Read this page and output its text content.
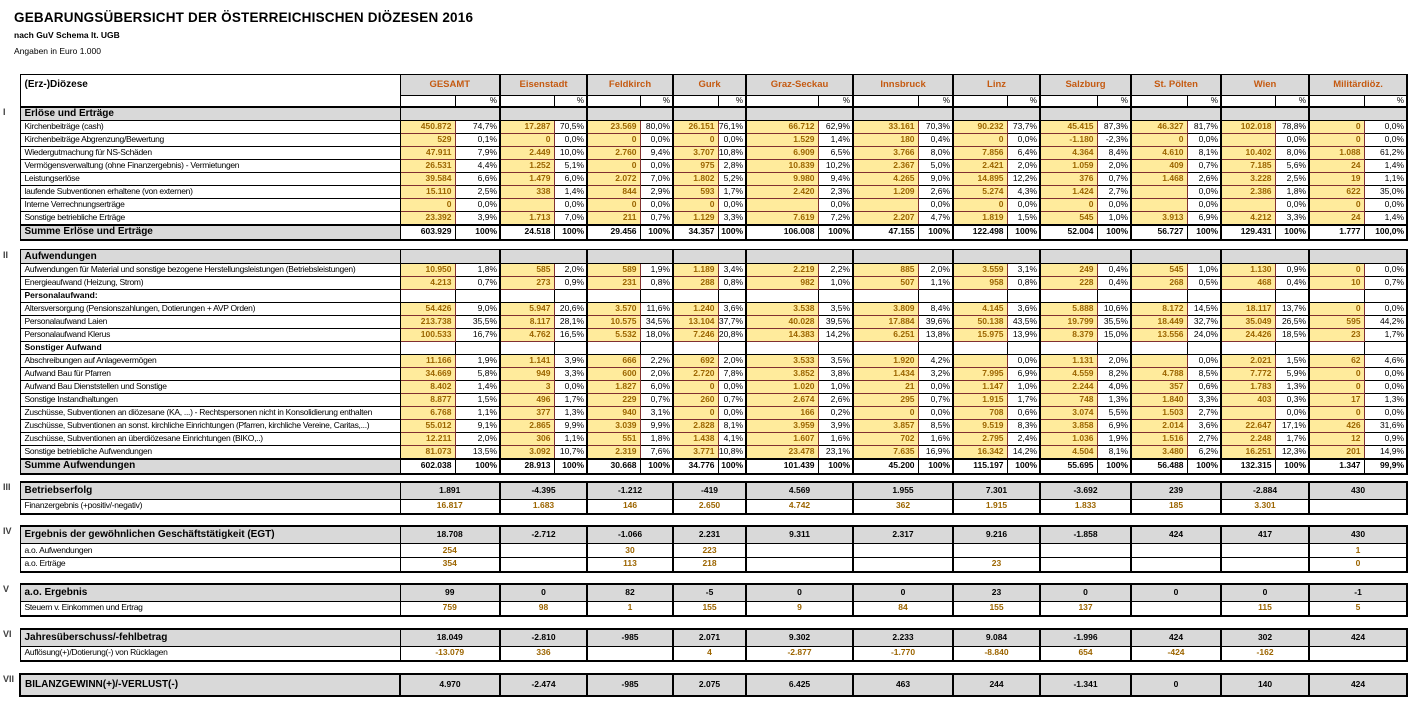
GEBARUNGSÜBERSICHT DER ÖSTERREICHISCHEN DIÖZESEN 2016
nach GuV Schema lt. UGB
Angaben in Euro 1.000
	(Erz-)Diözese	GESAMT		Eisenstadt		Feldkirch		Gurk		Graz-Seckau		Innsbruck		Linz		Salzburg		St. Pölten		Wien		Militärdiöz.	
			%		%		%		%		%		%		%		%		%		%		%
I	Erlöse und Erträge																						
	Kirchenbeiträge (cash)	450.872	74,7%	17.287	70,5%	23.569	80,0%	26.151	76,1%	66.712	62,9%	33.161	70,3%	90.232	73,7%	45.415	87,3%	46.327	81,7%	102.018	78,8%	0	0,0%
	Kirchenbeiträge Abgrenzung/Bewertung	529	0,1%	0	0,0%	0	0,0%	0	0,0%	1.529	1,4%	180	0,4%	0	0,0%	-1.180	-2,3%	0	0,0%		0,0%	0	0,0%
	Wiedergutmachung für NS-Schäden	47.911	7,9%	2.449	10,0%	2.760	9,4%	3.707	10,8%	6.909	6,5%	3.766	8,0%	7.856	6,4%	4.364	8,4%	4.610	8,1%	10.402	8,0%	1.088	61,2%
	Vermögensverwaltung (ohne Finanzergebnis) - Vermietungen	26.531	4,4%	1.252	5,1%	0	0,0%	975	2,8%	10.839	10,2%	2.367	5,0%	2.421	2,0%	1.059	2,0%	409	0,7%	7.185	5,6%	24	1,4%
	Leistungserlöse	39.584	6,6%	1.479	6,0%	2.072	7,0%	1.802	5,2%	9.980	9,4%	4.265	9,0%	14.895	12,2%	376	0,7%	1.468	2,6%	3.228	2,5%	19	1,1%
	laufende Subventionen erhaltene (von externen)	15.110	2,5%	338	1,4%	844	2,9%	593	1,7%	2.420	2,3%	1.209	2,6%	5.274	4,3%	1.424	2,7%		0,0%	2.386	1,8%	622	35,0%
	Interne Verrechnungserträge	0	0,0%		0,0%	0	0,0%	0	0,0%		0,0%		0,0%	0	0,0%	0	0,0%		0,0%		0,0%	0	0,0%
	Sonstige betriebliche Erträge	23.392	3,9%	1.713	7,0%	211	0,7%	1.129	3,3%	7.619	7,2%	2.207	4,7%	1.819	1,5%	545	1,0%	3.913	6,9%	4.212	3,3%	24	1,4%
	Summe Erlöse und Erträge	603.929	100%	24.518	100%	29.456	100%	34.357	100%	106.008	100%	47.155	100%	122.498	100%	52.004	100%	56.727	100%	129.431	100%	1.777	100,0%

II	Aufwendungen																						
	Aufwendungen für Material und sonstige bezogene Herstellungsleistungen (Betriebsleistungen)	10.950	1,8%	585	2,0%	589	1,9%	1.189	3,4%	2.219	2,2%	885	2,0%	3.559	3,1%	249	0,4%	545	1,0%	1.130	0,9%	0	0,0%
	Energieaufwand (Heizung, Strom)	4.213	0,7%	273	0,9%	231	0,8%	288	0,8%	982	1,0%	507	1,1%	958	0,8%	228	0,4%	268	0,5%	468	0,4%	10	0,7%
	Personalaufwand:																						
	Altersversorgung (Pensionszahlungen, Dotierungen + AVP Orden)	54.426	9,0%	5.947	20,6%	3.570	11,6%	1.240	3,6%	3.538	3,5%	3.809	8,4%	4.145	3,6%	5.888	10,6%	8.172	14,5%	18.117	13,7%	0	0,0%
	Personalaufwand Laien	213.738	35,5%	8.117	28,1%	10.575	34,5%	13.104	37,7%	40.028	39,5%	17.884	39,6%	50.138	43,5%	19.799	35,5%	18.449	32,7%	35.049	26,5%	595	44,2%
	Personalaufwand Klerus	100.533	16,7%	4.762	16,5%	5.532	18,0%	7.246	20,8%	14.383	14,2%	6.251	13,8%	15.975	13,9%	8.379	15,0%	13.556	24,0%	24.426	18,5%	23	1,7%
	Sonstiger Aufwand																						
	Abschreibungen auf Anlagevermögen	11.166	1,9%	1.141	3,9%	666	2,2%	692	2,0%	3.533	3,5%	1.920	4,2%		0,0%	1.131	2,0%		0,0%	2.021	1,5%	62	4,6%
	Aufwand Bau für Pfarren	34.669	5,8%	949	3,3%	600	2,0%	2.720	7,8%	3.852	3,8%	1.434	3,2%	7.995	6,9%	4.559	8,2%	4.788	8,5%	7.772	5,9%	0	0,0%
	Aufwand Bau Dienststellen und Sonstige	8.402	1,4%	3	0,0%	1.827	6,0%	0	0,0%	1.020	1,0%	21	0,0%	1.147	1,0%	2.244	4,0%	357	0,6%	1.783	1,3%	0	0,0%
	Sonstige Instandhaltungen	8.877	1,5%	496	1,7%	229	0,7%	260	0,7%	2.674	2,6%	295	0,7%	1.915	1,7%	748	1,3%	1.840	3,3%	403	0,3%	17	1,3%
	Zuschüsse, Subventionen an diözesane (KA, ...) - Rechtspersonen nicht in Konsolidierung enthalten	6.768	1,1%	377	1,3%	940	3,1%	0	0,0%	166	0,2%	0	0,0%	708	0,6%	3.074	5,5%	1.503	2,7%		0,0%	0	0,0%
	Zuschüsse, Subventionen an sonst. kirchliche Einrichtungen (Pfarren, kirchliche Vereine, Caritas,...)	55.012	9,1%	2.865	9,9%	3.039	9,9%	2.828	8,1%	3.959	3,9%	3.857	8,5%	9.519	8,3%	3.858	6,9%	2.014	3,6%	22.647	17,1%	426	31,6%
	Zuschüsse, Subventionen an überdiözesane Einrichtungen (BIKO,..)	12.211	2,0%	306	1,1%	551	1,8%	1.438	4,1%	1.607	1,6%	702	1,6%	2.795	2,4%	1.036	1,9%	1.516	2,7%	2.248	1,7%	12	0,9%
	Sonstige betriebliche Aufwendungen	81.073	13,5%	3.092	10,7%	2.319	7,6%	3.771	10,8%	23.478	23,1%	7.635	16,9%	16.342	14,2%	4.504	8,1%	3.480	6,2%	16.251	12,3%	201	14,9%
	Summe Aufwendungen	602.038	100%	28.913	100%	30.668	100%	34.776	100%	101.439	100%	45.200	100%	115.197	100%	55.695	100%	56.488	100%	132.315	100%	1.347	99,9%

III	Betriebserfolg	1.891		-4.395		-1.212		-419		4.569		1.955		7.301		-3.692		239		-2.884		430	
	Finanzergebnis (+positiv/-negativ)	16.817		1.683		146		2.650		4.742		362		1.915		1.833		185		3.301			

IV	Ergebnis der gewöhnlichen Geschäftstätigkeit (EGT)	18.708		-2.712		-1.066		2.231		9.311		2.317		9.216		-1.858		424		417		430	
	a.o. Aufwendungen	254				30		223														1	
	a.o. Erträge	354				113		218						23								0	

V	a.o. Ergebnis	99		0		82		-5		0		0		23		0		0		0		-1	
	Steuern v. Einkommen und Ertrag	759		98		1		155		9		84		155		137				115		5	

VI	Jahresüberschuss/-fehlbetrag	18.049		-2.810		-985		2.071		9.302		2.233		9.084		-1.996		424		302		424	
	Auflösung(+)/Dotierung(-) von Rücklagen	-13.079		336				4		-2.877		-1.770		-8.840		654		-424		-162			

VII	BILANZGEWINN(+)/-VERLUST(-)	4.970		-2.474		-985		2.075		6.425		463		244		-1.341		0		140		424	
